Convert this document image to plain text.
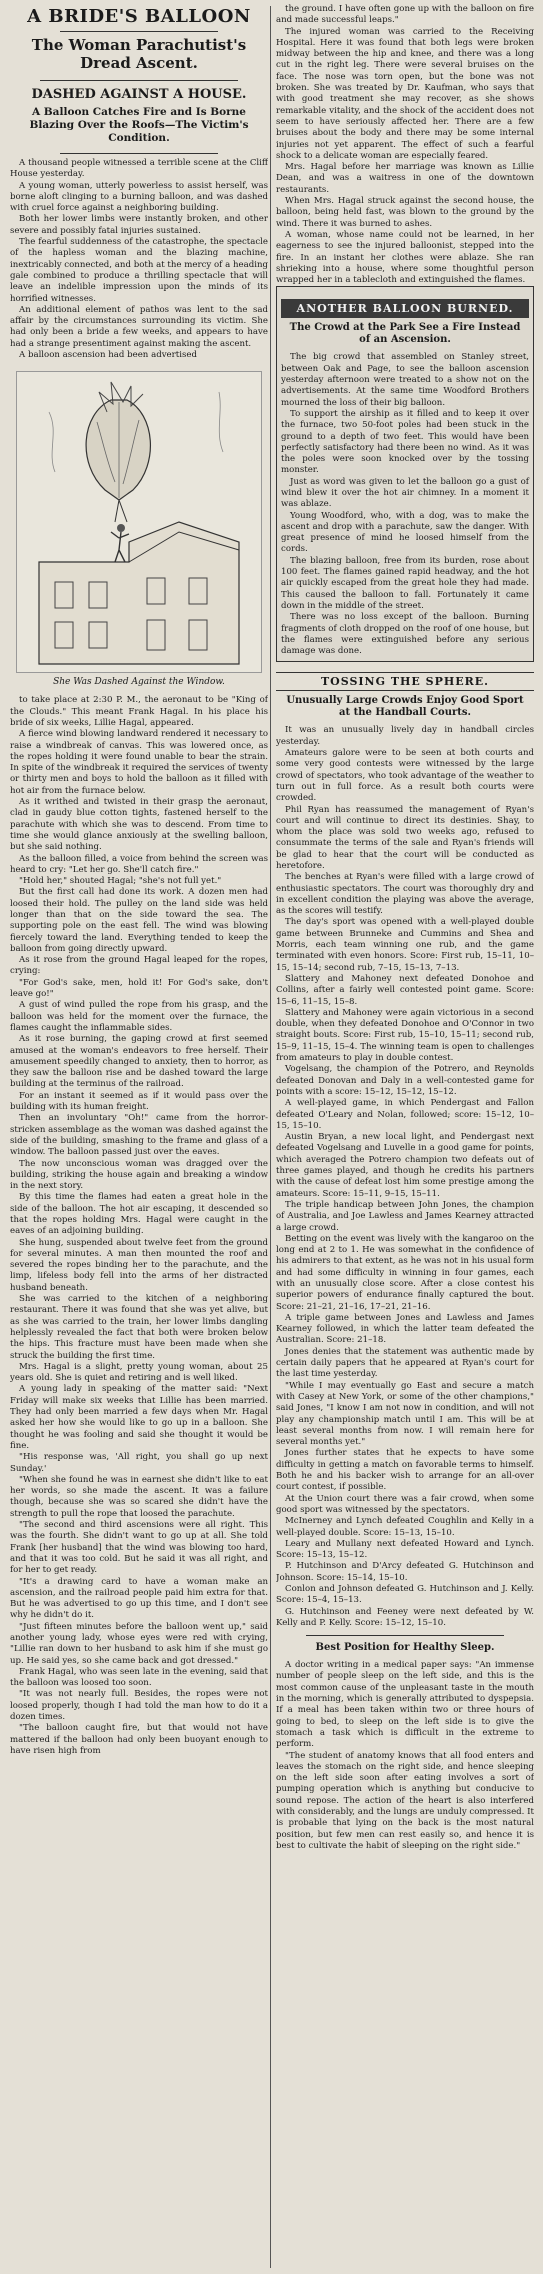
A BRIDE'S BALLOON
The Woman Parachutist's Dread Ascent.
DASHED AGAINST A HOUSE.
A Balloon Catches Fire and Is Borne Blazing Over the Roofs—The Victim's Condition.

A thousand people witnessed a terrible scene at the Cliff House yesterday.

A young woman, utterly powerless to assist herself, was borne aloft clinging to a burning balloon, and was dashed with cruel force against a neighboring building.

Both her lower limbs were instantly broken, and other severe and possibly fatal injuries sustained.

The fearful suddenness of the catastrophe, the spectacle of the hapless woman and the blazing machine, inextricably connected, and both at the mercy of a heading gale combined to produce a thrilling spectacle that will leave an indelible impression upon the minds of its horrified witnesses.

An additional element of pathos was lent to the sad affair by the circumstances surrounding its victim. She had only been a bride a few weeks, and appears to have had a strange presentiment against making the ascent.

A balloon ascension had been advertised

She Was Dashed Against the Window.

to take place at 2:30 P. M., the aeronaut to be "King of the Clouds." This meant Frank Hagal. In his place his bride of six weeks, Lillie Hagal, appeared.

A fierce wind blowing landward rendered it necessary to raise a windbreak of canvas. This was lowered once, as the ropes holding it were found unable to bear the strain. In spite of the windbreak it required the services of twenty or thirty men and boys to hold the balloon as it filled with hot air from the furnace below.

As it writhed and twisted in their grasp the aeronaut, clad in gaudy blue cotton tights, fastened herself to the parachute with which she was to descend. From time to time she would glance anxiously at the swelling balloon, but she said nothing.

As the balloon filled, a voice from behind the screen was heard to cry: "Let her go. She'll catch fire."

"Hold her," shouted Hagal; "she's not full yet."

But the first call had done its work. A dozen men had loosed their hold. The pulley on the land side was held longer than that on the side toward the sea. The supporting pole on the east fell. The wind was blowing fiercely toward the land. Everything tended to keep the balloon from going directly upward.

As it rose from the ground Hagal leaped for the ropes, crying:

"For God's sake, men, hold it! For God's sake, don't leave go!"

A gust of wind pulled the rope from his grasp, and the balloon was held for the moment over the furnace, the flames caught the inflammable sides.

As it rose burning, the gaping crowd at first seemed amused at the woman's endeavors to free herself. Their amusement speedily changed to anxiety, then to horror, as they saw the balloon rise and be dashed toward the large building at the terminus of the railroad.

For an instant it seemed as if it would pass over the building with its human freight.

Then an involuntary "Oh!" came from the horror-stricken assemblage as the woman was dashed against the side of the building, smashing to the frame and glass of a window. The balloon passed just over the eaves.

The now unconscious woman was dragged over the building, striking the house again and breaking a window in the next story.

By this time the flames had eaten a great hole in the side of the balloon. The hot air escaping, it descended so that the ropes holding Mrs. Hagal were caught in the eaves of an adjoining building.

She hung, suspended about twelve feet from the ground for several minutes. A man then mounted the roof and severed the ropes binding her to the parachute, and the limp, lifeless body fell into the arms of her distracted husband beneath.

She was carried to the kitchen of a neighboring restaurant. There it was found that she was yet alive, but as she was carried to the train, her lower limbs dangling helplessly revealed the fact that both were broken below the hips. This fracture must have been made when she struck the building the first time.

Mrs. Hagal is a slight, pretty young woman, about 25 years old. She is quiet and retiring and is well liked.

A young lady in speaking of the matter said: "Next Friday will make six weeks that Lillie has been married. They had only been married a few days when Mr. Hagal asked her how she would like to go up in a balloon. She thought he was fooling and said she thought it would be fine.

"His response was, 'All right, you shall go up next Sunday.'

"When she found he was in earnest she didn't like to eat her words, so she made the ascent. It was a failure though, because she was so scared she didn't have the strength to pull the rope that loosed the parachute.

"The second and third ascensions were all right. This was the fourth. She didn't want to go up at all. She told Frank [her husband] that the wind was blowing too hard, and that it was too cold. But he said it was all right, and for her to get ready.

"It's a drawing card to have a woman make an ascension, and the railroad people paid him extra for that. But he was advertised to go up this time, and I don't see why he didn't do it.

"Just fifteen minutes before the balloon went up," said another young lady, whose eyes were red with crying, "Lillie ran down to her husband to ask him if she must go up. He said yes, so she came back and got dressed."

Frank Hagal, who was seen late in the evening, said that the balloon was loosed too soon.

"It was not nearly full. Besides, the ropes were not loosed properly, though I had told the man how to do it a dozen times.

"The balloon caught fire, but that would not have mattered if the balloon had only been buoyant enough to have risen high from

the ground. I have often gone up with the balloon on fire and made successful leaps."

The injured woman was carried to the Receiving Hospital. Here it was found that both legs were broken midway between the hip and knee, and there was a long cut in the right leg. There were several bruises on the face. The nose was torn open, but the bone was not broken. She was treated by Dr. Kaufman, who says that with good treatment she may recover, as she shows remarkable vitality, and the shock of the accident does not seem to have seriously affected her. There are a few bruises about the body and there may be some internal injuries not yet apparent. The effect of such a fearful shock to a delicate woman are especially feared.

Mrs. Hagal before her marriage was known as Lillie Dean, and was a waitress in one of the downtown restaurants.

When Mrs. Hagal struck against the second house, the balloon, being held fast, was blown to the ground by the wind. There it was burned to ashes.

A woman, whose name could not be learned, in her eagerness to see the injured balloonist, stepped into the fire. In an instant her clothes were ablaze. She ran shrieking into a house, where some thoughtful person wrapped her in a tablecloth and extinguished the flames.

ANOTHER BALLOON BURNED.
The Crowd at the Park See a Fire Instead of an Ascension.

The big crowd that assembled on Stanley street, between Oak and Page, to see the balloon ascension yesterday afternoon were treated to a show not on the advertisements. At the same time Woodford Brothers mourned the loss of their big balloon.

To support the airship as it filled and to keep it over the furnace, two 50-foot poles had been stuck in the ground to a depth of two feet. This would have been perfectly satisfactory had there been no wind. As it was the poles were soon knocked over by the tossing monster.

Just as word was given to let the balloon go a gust of wind blew it over the hot air chimney. In a moment it was ablaze.

Young Woodford, who, with a dog, was to make the ascent and drop with a parachute, saw the danger. With great presence of mind he loosed himself from the cords.

The blazing balloon, free from its burden, rose about 100 feet. The flames gained rapid headway, and the hot air quickly escaped from the great hole they had made. This caused the balloon to fall. Fortunately it came down in the middle of the street.

There was no loss except of the balloon. Burning fragments of cloth dropped on the roof of one house, but the flames were extinguished before any serious damage was done.

TOSSING THE SPHERE.
Unusually Large Crowds Enjoy Good Sport at the Handball Courts.

It was an unusually lively day in handball circles yesterday.

Amateurs galore were to be seen at both courts and some very good contests were witnessed by the large crowd of spectators, who took advantage of the weather to turn out in full force. As a result both courts were crowded.

Phil Ryan has reassumed the management of Ryan's court and will continue to direct its destinies. Shay, to whom the place was sold two weeks ago, refused to consummate the terms of the sale and Ryan's friends will be glad to hear that the court will be conducted as heretofore.

The benches at Ryan's were filled with a large crowd of enthusiastic spectators. The court was thoroughly dry and in excellent condition the playing was above the average, as the scores will testify.

The day's sport was opened with a well-played double game between Brunneke and Cummins and Shea and Morris, each team winning one rub, and the game terminated with even honors. Score: First rub, 15–11, 10–15, 15–14; second rub, 7–15, 15–13, 7–13.

Slattery and Mahoney next defeated Donohoe and Collins, after a fairly well contested point game. Score: 15–6, 11–15, 15–8.

Slattery and Mahoney were again victorious in a second double, when they defeated Donohoe and O'Connor in two straight bouts. Score: First rub, 15–10, 15–11; second rub, 15–9, 11–15, 15–4. The winning team is open to challenges from amateurs to play in double contest.

Vogelsang, the champion of the Potrero, and Reynolds defeated Donovan and Daly in a well-contested game for points with a score: 15–12, 15–12, 15–12.

A well-played game, in which Pendergast and Fallon defeated O'Leary and Nolan, followed; score: 15–12, 10–15, 15–10.

Austin Bryan, a new local light, and Pendergast next defeated Vogelsang and Luvelle in a good game for points, which averaged the Potrero champion two defeats out of three games played, and though he credits his partners with the cause of defeat lost him some prestige among the amateurs. Score: 15–11, 9–15, 15–11.

The triple handicap between John Jones, the champion of Australia, and Joe Lawless and James Kearney attracted a large crowd.

Betting on the event was lively with the kangaroo on the long end at 2 to 1. He was somewhat in the confidence of his admirers to that extent, as he was not in his usual form and had some difficulty in winning in four games, each with an unusually close score. After a close contest his superior powers of endurance finally captured the bout. Score: 21–21, 21–16, 17–21, 21–16.

A triple game between Jones and Lawless and James Kearney followed, in which the latter team defeated the Australian. Score: 21–18.

Jones denies that the statement was authentic made by certain daily papers that he appeared at Ryan's court for the last time yesterday.

"While I may eventually go East and secure a match with Casey at New York, or some of the other champions," said Jones, "I know I am not now in condition, and will not play any championship match until I am. This will be at least several months from now. I will remain here for several months yet."

Jones further states that he expects to have some difficulty in getting a match on favorable terms to himself. Both he and his backer wish to arrange for an all-over court contest, if possible.

At the Union court there was a fair crowd, when some good sport was witnessed by the spectators.

McInerney and Lynch defeated Coughlin and Kelly in a well-played double. Score: 15–13, 15–10.

Leary and Mullany next defeated Howard and Lynch. Score: 15–13, 15–12.

P. Hutchinson and D'Arcy defeated G. Hutchinson and Johnson. Score: 15–14, 15–10.

Conlon and Johnson defeated G. Hutchinson and J. Kelly. Score: 15–4, 15–13.

G. Hutchinson and Feeney were next defeated by W. Kelly and P. Kelly. Score: 15–12, 15–10.

Best Position for Healthy Sleep.

A doctor writing in a medical paper says: "An immense number of people sleep on the left side, and this is the most common cause of the unpleasant taste in the mouth in the morning, which is generally attributed to dyspepsia. If a meal has been taken within two or three hours of going to bed, to sleep on the left side is to give the stomach a task which is difficult in the extreme to perform.

"The student of anatomy knows that all food enters and leaves the stomach on the right side, and hence sleeping on the left side soon after eating involves a sort of pumping operation which is anything but conducive to sound repose. The action of the heart is also interfered with considerably, and the lungs are unduly compressed. It is probable that lying on the back is the most natural position, but few men can rest easily so, and hence it is best to cultivate the habit of sleeping on the right side."
